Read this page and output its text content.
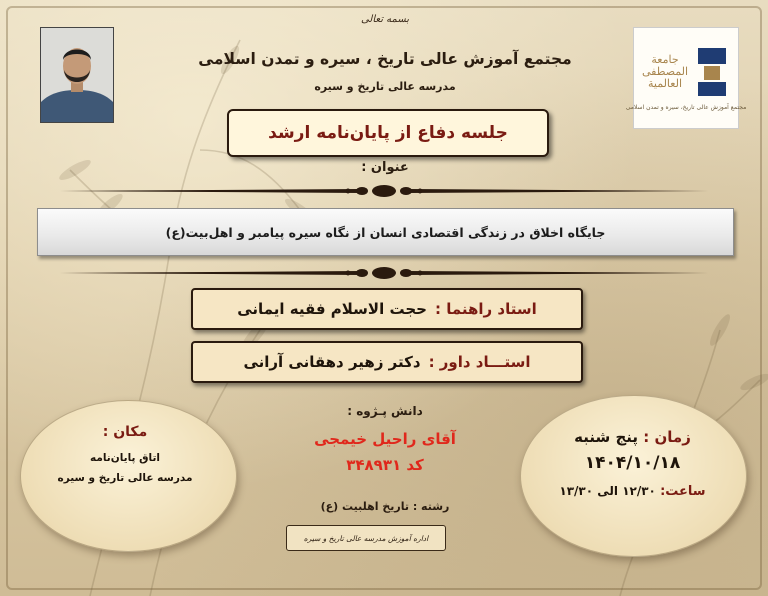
جامعة
المصطفی
العالمیة
مجتمع آموزش عالی تاریخ، سیره و تمدن اسلامی
بسمه تعالی
مجتمع آموزش عالی تاریخ ، سیره و تمدن اسلامی
مدرسه عالی تاریخ و سیره
جلسه دفاع از پایان‌نامه ارشد
عنوان :
جایگاه اخلاق در زندگی اقتصادی انسان از نگاه سیره پیامبر و اهل‌بیت(ع)
استاد راهنما :
حجت الاسلام فقیه ایمانی
استـــاد داور :
دکتر زهیر دهقانی آرانی
مکان :
اتاق پایان‌نامه
مدرسه عالی تاریخ و سیره
زمان : پنج شنبه
۱۴۰۴/۱۰/۱۸
ساعت: ۱۲/۳۰ الی ۱۳/۳۰
دانش پـژوه :
آقای راحیل خیمجی
کد ۳۴۸۹۳۱
رشته : تاریخ اهلبیت (ع)
اداره آموزش مدرسه عالی تاریخ و سیره
